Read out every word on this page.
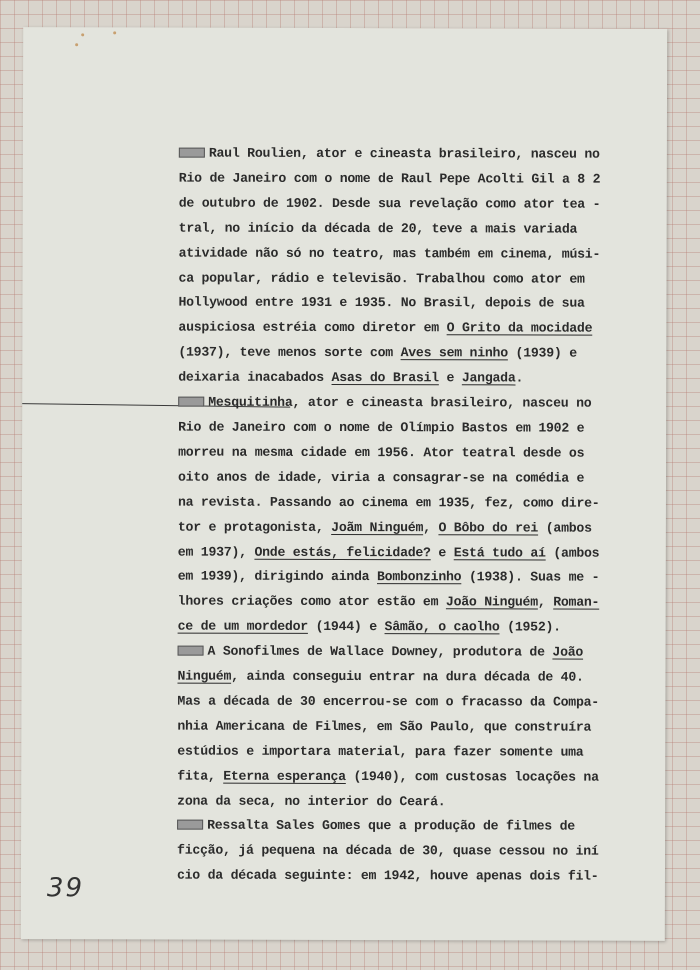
Raul Roulien, ator e cineasta brasileiro, nasceu no
Rio de Janeiro com o nome de Raul Pepe Acolti Gil a 8 2
de outubro de 1902. Desde sua revelação como ator tea -
tral, no início da década de 20, teve a mais variada
atividade não só no teatro, mas também em cinema, músi-
ca popular, rádio e televisão. Trabalhou como ator em
Hollywood entre 1931 e 1935. No Brasil, depois de sua
auspiciosa estréia como diretor em O Grito da mocidade
(1937), teve menos sorte com Aves sem ninho (1939) e
deixaria inacabados Asas do Brasil e Jangada.
Mesquitinha, ator e cineasta brasileiro, nasceu no
Rio de Janeiro com o nome de Olímpio Bastos em 1902 e
morreu na mesma cidade em 1956. Ator teatral desde os
oito anos de idade, viria a consagrar-se na comédia e
na revista. Passando ao cinema em 1935, fez, como dire-
tor e protagonista, Joãm Ninguém, O Bôbo do rei (ambos
em 1937), Onde estás, felicidade? e Está tudo aí (ambos
em 1939), dirigindo ainda Bombonzinho (1938). Suas me -
lhores criações como ator estão em João Ninguém, Roman-
ce de um mordedor (1944) e Sâmão, o caolho (1952).
A Sonofilmes de Wallace Downey, produtora de João
Ninguém, ainda conseguiu entrar na dura década de 40.
Mas a década de 30 encerrou-se com o fracasso da Compa-
nhia Americana de Filmes, em São Paulo, que construíra
estúdios e importara material, para fazer somente uma
fita, Eterna esperança (1940), com custosas locações na
zona da seca, no interior do Ceará.
Ressalta Sales Gomes que a produção de filmes de
ficção, já pequena na década de 30, quase cessou no iní
cio da década seguinte: em 1942, houve apenas dois fil-
39
